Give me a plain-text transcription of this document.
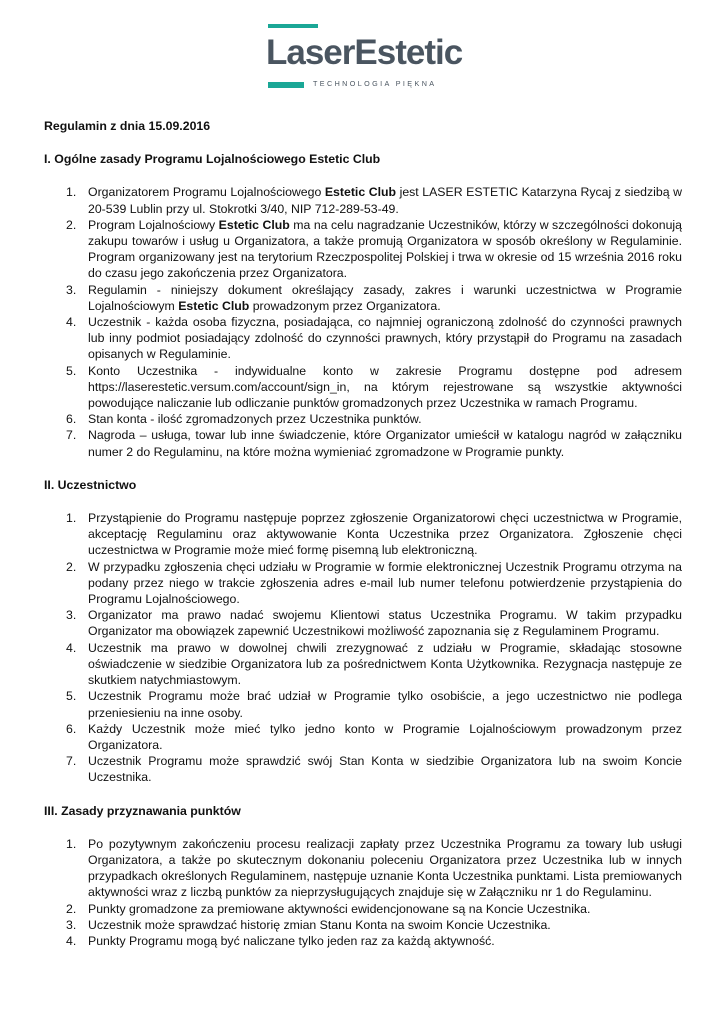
LaserEstetic
TECHNOLOGIA PIĘKNA

Regulamin z dnia 15.09.2016

I. Ogólne zasady Programu Lojalnościowego Estetic Club

1. Organizatorem Programu Lojalnościowego Estetic Club jest LASER ESTETIC Katarzyna Rycaj z siedzibą w 20-539 Lublin przy ul. Stokrotki 3/40, NIP 712-289-53-49.
2. Program Lojalnościowy Estetic Club ma na celu nagradzanie Uczestników, którzy w szczególności dokonują zakupu towarów i usług u Organizatora, a także promują Organizatora w sposób określony w Regulaminie. Program organizowany jest na terytorium Rzeczpospolitej Polskiej i trwa w okresie od 15 września 2016 roku do czasu jego zakończenia przez Organizatora.
3. Regulamin - niniejszy dokument określający zasady, zakres i warunki uczestnictwa w Programie Lojalnościowym Estetic Club prowadzonym przez Organizatora.
4. Uczestnik - każda osoba fizyczna, posiadająca, co najmniej ograniczoną zdolność do czynności prawnych lub inny podmiot posiadający zdolność do czynności prawnych, który przystąpił do Programu na zasadach opisanych w Regulaminie.
5. Konto Uczestnika - indywidualne konto w zakresie Programu dostępne pod adresem https://laserestetic.versum.com/account/sign_in, na którym rejestrowane są wszystkie aktywności powodujące naliczanie lub odliczanie punktów gromadzonych przez Uczestnika w ramach Programu.
6. Stan konta - ilość zgromadzonych przez Uczestnika punktów.
7. Nagroda – usługa, towar lub inne świadczenie, które Organizator umieścił w katalogu nagród w załączniku numer 2 do Regulaminu, na które można wymieniać zgromadzone w Programie punkty.

II. Uczestnictwo

1. Przystąpienie do Programu następuje poprzez zgłoszenie Organizatorowi chęci uczestnictwa w Programie, akceptację Regulaminu oraz aktywowanie Konta Uczestnika przez Organizatora. Zgłoszenie chęci uczestnictwa w Programie może mieć formę pisemną lub elektroniczną.
2. W przypadku zgłoszenia chęci udziału w Programie w formie elektronicznej Uczestnik Programu otrzyma na podany przez niego w trakcie zgłoszenia adres e-mail lub numer telefonu potwierdzenie przystąpienia do Programu Lojalnościowego.
3. Organizator ma prawo nadać swojemu Klientowi status Uczestnika Programu. W takim przypadku Organizator ma obowiązek zapewnić Uczestnikowi możliwość zapoznania się z Regulaminem Programu.
4. Uczestnik ma prawo w dowolnej chwili zrezygnować z udziału w Programie, składając stosowne oświadczenie w siedzibie Organizatora lub za pośrednictwem Konta Użytkownika. Rezygnacja następuje ze skutkiem natychmiastowym.
5. Uczestnik Programu może brać udział w Programie tylko osobiście, a jego uczestnictwo nie podlega przeniesieniu na inne osoby.
6. Każdy Uczestnik może mieć tylko jedno konto w Programie Lojalnościowym prowadzonym przez Organizatora.
7. Uczestnik Programu może sprawdzić swój Stan Konta w siedzibie Organizatora lub na swoim Koncie Uczestnika.

III. Zasady przyznawania punktów

1. Po pozytywnym zakończeniu procesu realizacji zapłaty przez Uczestnika Programu za towary lub usługi Organizatora, a także po skutecznym dokonaniu poleceniu Organizatora przez Uczestnika lub w innych przypadkach określonych Regulaminem, następuje uznanie Konta Uczestnika punktami. Lista premiowanych aktywności wraz z liczbą punktów za nieprzysługujących znajduje się w Załączniku nr 1 do Regulaminu.
2. Punkty gromadzone za premiowane aktywności ewidencjonowane są na Koncie Uczestnika.
3. Uczestnik może sprawdzać historię zmian Stanu Konta na swoim Koncie Uczestnika.
4. Punkty Programu mogą być naliczane tylko jeden raz za każdą aktywność.
